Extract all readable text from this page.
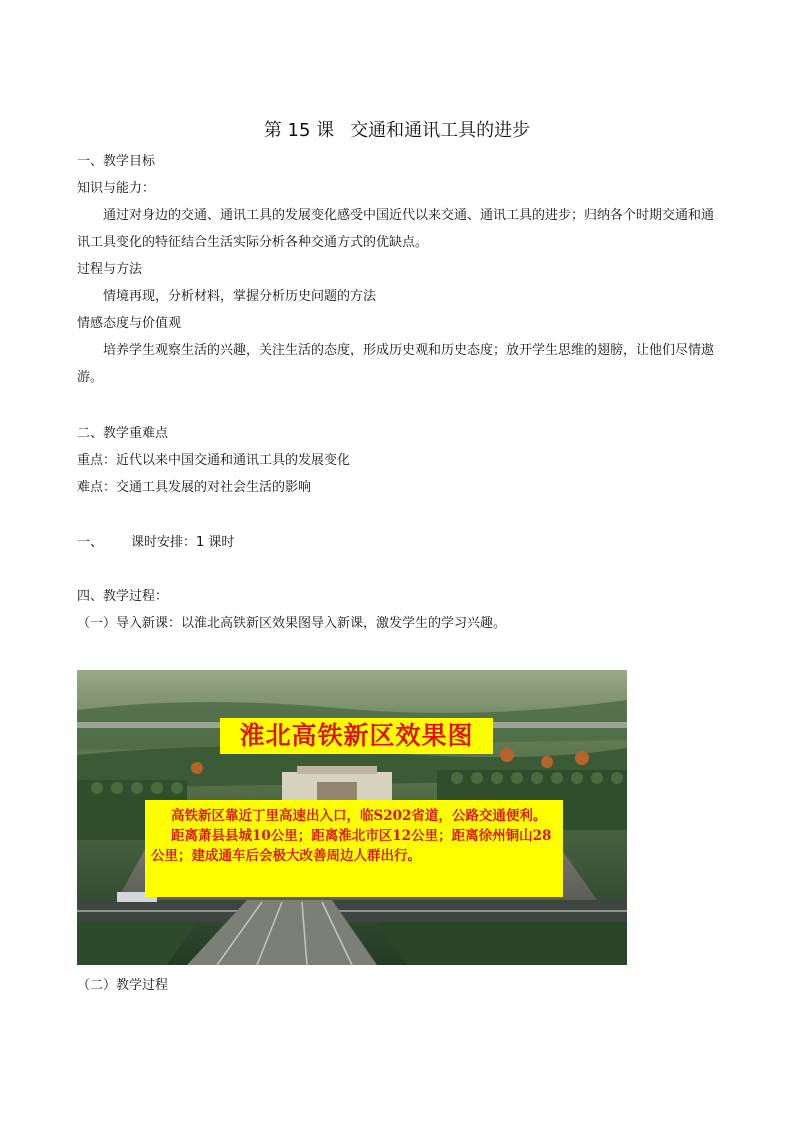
第 15 课 交通和通讯工具的进步
一、教学目标
知识与能力：

通过对身边的交通、通讯工具的发展变化感受中国近代以来交通、通讯工具的进步；归纳各个时期交通和通讯工具变化的特征结合生活实际分析各种交通方式的优缺点。

过程与方法
情境再现，分析材料，掌握分析历史问题的方法
情感态度与价值观

培养学生观察生活的兴趣，关注生活的态度，形成历史观和历史态度；放开学生思维的翅膀，让他们尽情遨游。

二、教学重难点
重点：近代以来中国交通和通讯工具的发展变化
难点：交通工具发展的对社会生活的影响
一、 课时安排：1 课时
四、教学过程：
（一）导入新课：以淮北高铁新区效果图导入新课，激发学生的学习兴趣。
淮北高铁新区效果图

高铁新区靠近丁里高速出入口，临S202省道，公路交通便利。

距离萧县县城10公里；距离淮北市区12公里；距离徐州铜山28公里；建成通车后会极大改善周边人群出行。

（二）教学过程
